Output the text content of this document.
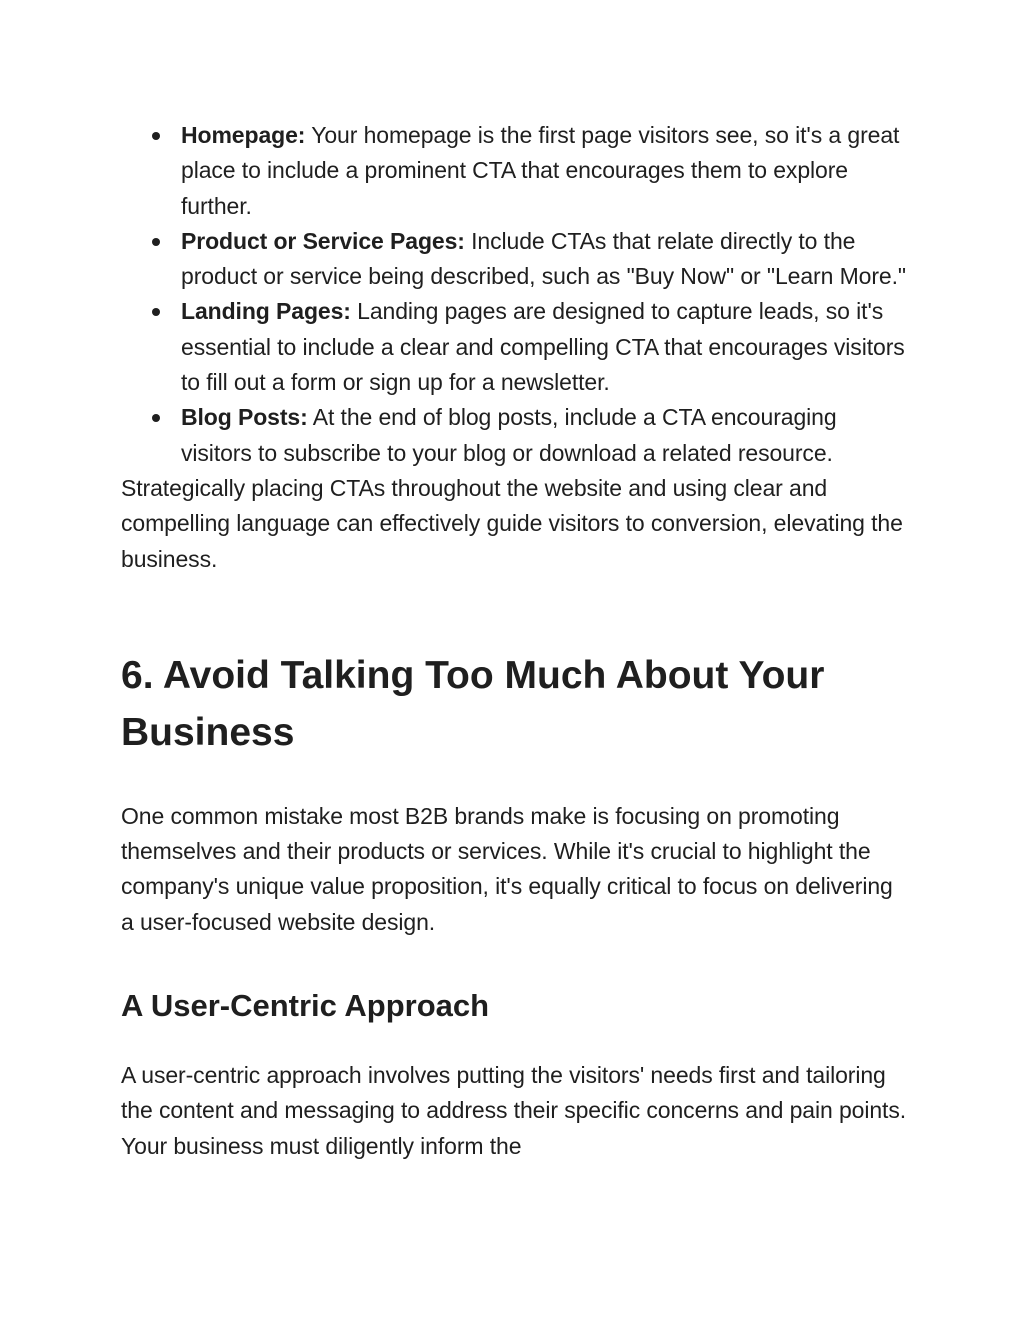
Homepage: Your homepage is the first page visitors see, so it's a great place to include a prominent CTA that encourages them to explore further.
Product or Service Pages: Include CTAs that relate directly to the product or service being described, such as "Buy Now" or "Learn More."
Landing Pages: Landing pages are designed to capture leads, so it's essential to include a clear and compelling CTA that encourages visitors to fill out a form or sign up for a newsletter.
Blog Posts: At the end of blog posts, include a CTA encouraging visitors to subscribe to your blog or download a related resource.

Strategically placing CTAs throughout the website and using clear and compelling language can effectively guide visitors to conversion, elevating the business.

6. Avoid Talking Too Much About Your Business

One common mistake most B2B brands make is focusing on promoting themselves and their products or services. While it's crucial to highlight the company's unique value proposition, it's equally critical to focus on delivering a user-focused website design.

A User-Centric Approach

A user-centric approach involves putting the visitors' needs first and tailoring the content and messaging to address their specific concerns and pain points. Your business must diligently inform the
